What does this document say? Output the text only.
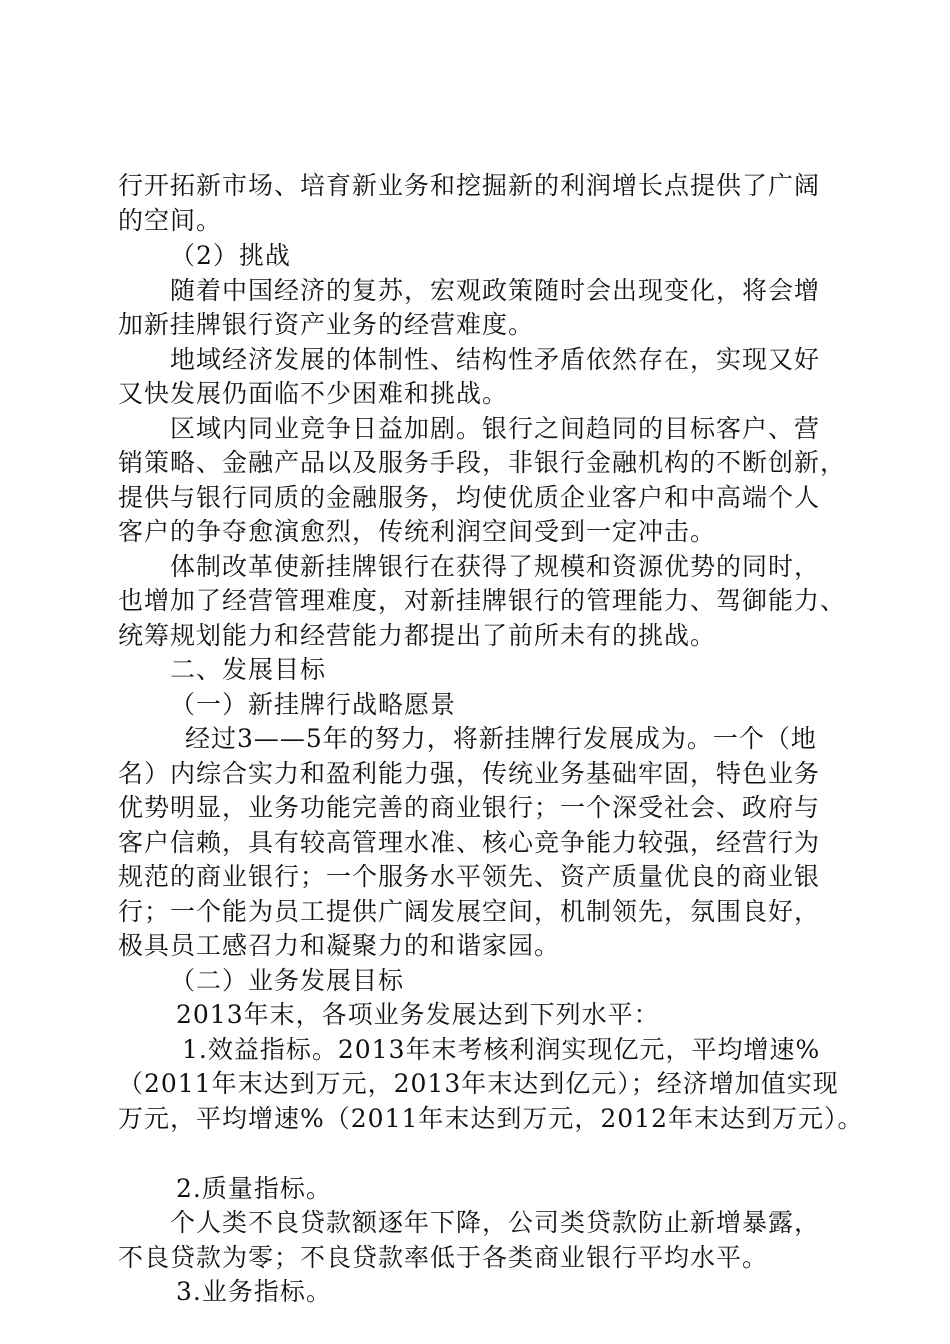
行开拓新市场、培育新业务和挖掘新的利润增长点提供了广阔
的空间。
（2）挑战
随着中国经济的复苏，宏观政策随时会出现变化，将会增
加新挂牌银行资产业务的经营难度。
地域经济发展的体制性、结构性矛盾依然存在，实现又好
又快发展仍面临不少困难和挑战。
区域内同业竞争日益加剧。银行之间趋同的目标客户、营
销策略、金融产品以及服务手段，非银行金融机构的不断创新，
提供与银行同质的金融服务，均使优质企业客户和中高端个人
客户的争夺愈演愈烈，传统利润空间受到一定冲击。
体制改革使新挂牌银行在获得了规模和资源优势的同时，
也增加了经营管理难度，对新挂牌银行的管理能力、驾御能力、
统筹规划能力和经营能力都提出了前所未有的挑战。
二、发展目标
（一）新挂牌行战略愿景
经过3——5年的努力，将新挂牌行发展成为。一个（地
名）内综合实力和盈利能力强，传统业务基础牢固，特色业务
优势明显，业务功能完善的商业银行；一个深受社会、政府与
客户信赖，具有较高管理水准、核心竞争能力较强，经营行为
规范的商业银行；一个服务水平领先、资产质量优良的商业银
行；一个能为员工提供广阔发展空间，机制领先，氛围良好，
极具员工感召力和凝聚力的和谐家园。
（二）业务发展目标
2013年末，各项业务发展达到下列水平：
1.效益指标。2013年末考核利润实现亿元，平均增速%
（2011年末达到万元，2013年末达到亿元）；经济增加值实现
万元，平均增速%（2011年末达到万元，2012年末达到万元）。
2.质量指标。
个人类不良贷款额逐年下降，公司类贷款防止新增暴露，
不良贷款为零；不良贷款率低于各类商业银行平均水平。
3.业务指标。
